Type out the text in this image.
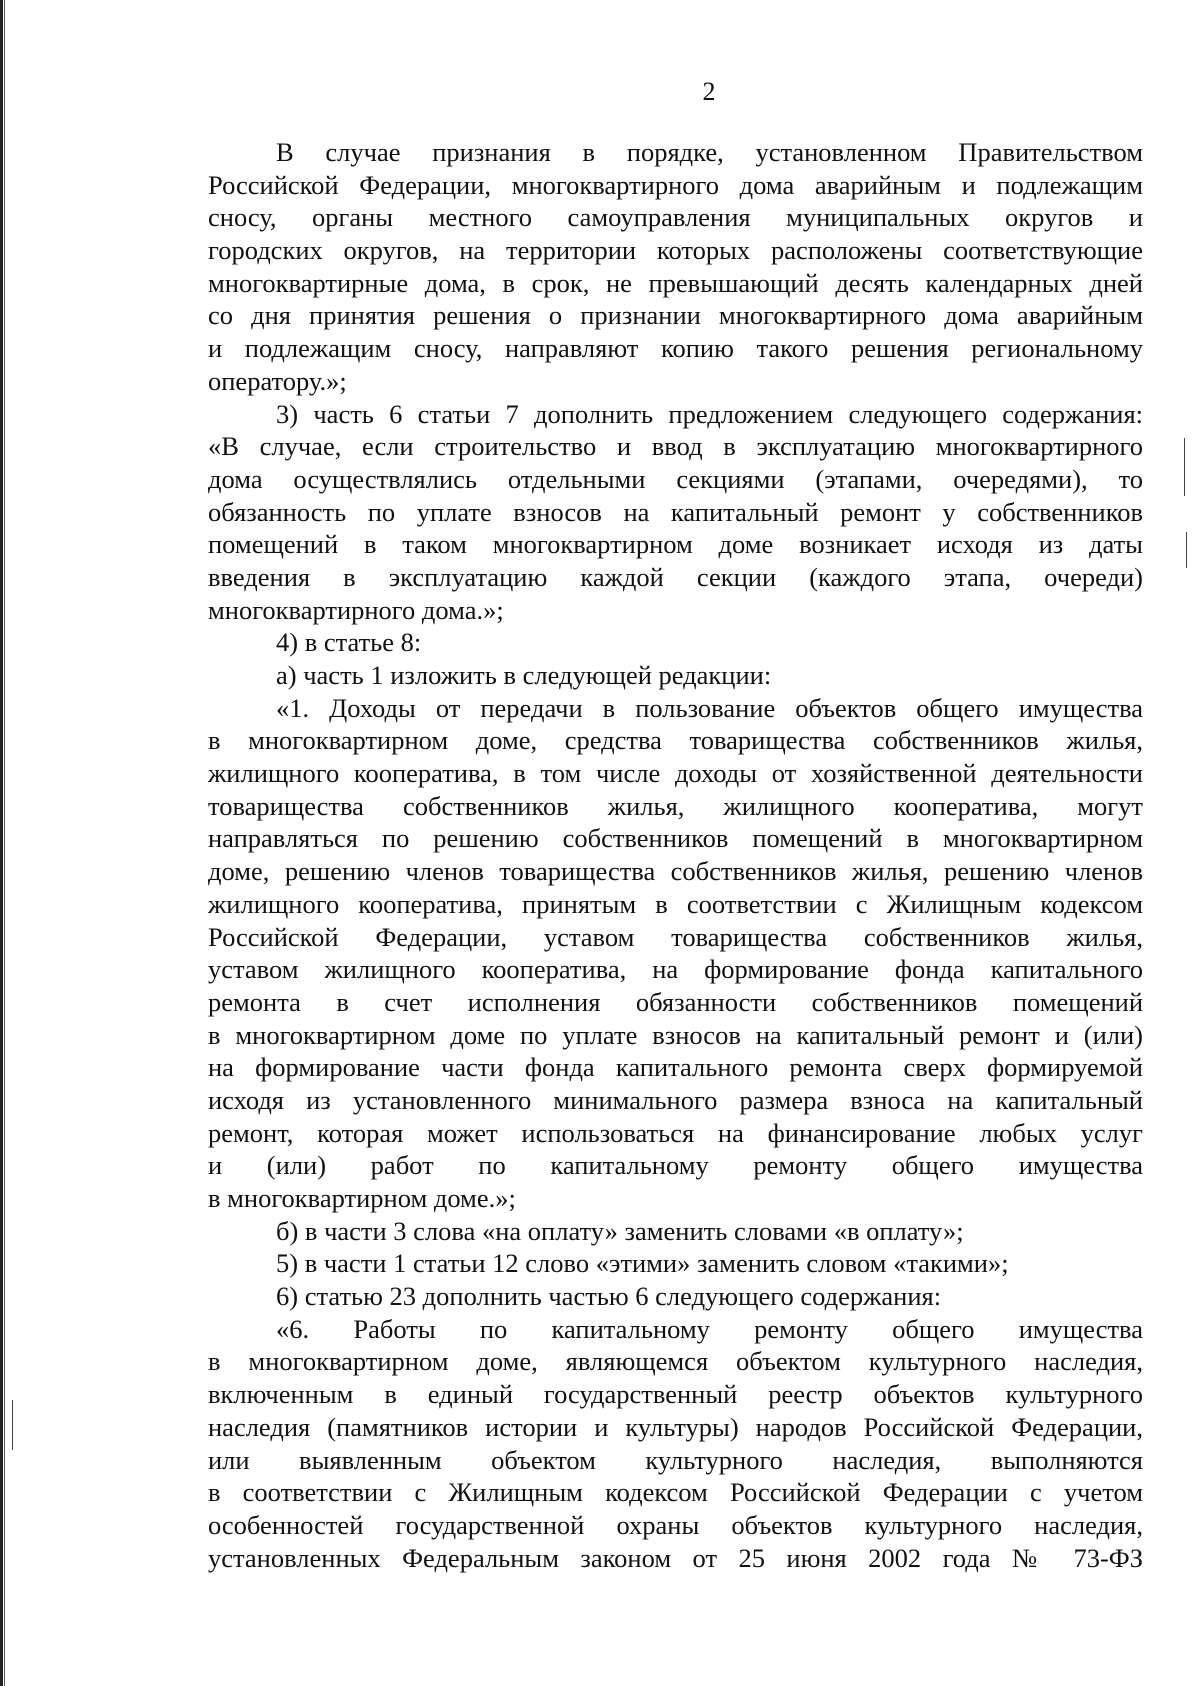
2
В случае признания в порядке, установленном Правительством
Российской Федерации, многоквартирного дома аварийным и подлежащим
сносу, органы местного самоуправления муниципальных округов и
городских округов, на территории которых расположены соответствующие
многоквартирные дома, в срок, не превышающий десять календарных дней
со дня принятия решения о признании многоквартирного дома аварийным
и подлежащим сносу, направляют копию такого решения региональному
оператору.»;
3) часть 6 статьи 7 дополнить предложением следующего содержания:
«В случае, если строительство и ввод в эксплуатацию многоквартирного
дома осуществлялись отдельными секциями (этапами, очередями), то
обязанность по уплате взносов на капитальный ремонт у собственников
помещений в таком многоквартирном доме возникает исходя из даты
введения в эксплуатацию каждой секции (каждого этапа, очереди)
многоквартирного дома.»;
4) в статье 8:
а) часть 1 изложить в следующей редакции:
«1. Доходы от передачи в пользование объектов общего имущества
в многоквартирном доме, средства товарищества собственников жилья,
жилищного кооператива, в том числе доходы от хозяйственной деятельности
товарищества собственников жилья, жилищного кооператива, могут
направляться по решению собственников помещений в многоквартирном
доме, решению членов товарищества собственников жилья, решению членов
жилищного кооператива, принятым в соответствии с Жилищным кодексом
Российской Федерации, уставом товарищества собственников жилья,
уставом жилищного кооператива, на формирование фонда капитального
ремонта в счет исполнения обязанности собственников помещений
в многоквартирном доме по уплате взносов на капитальный ремонт и (или)
на формирование части фонда капитального ремонта сверх формируемой
исходя из установленного минимального размера взноса на капитальный
ремонт, которая может использоваться на финансирование любых услуг
и (или) работ по капитальному ремонту общего имущества
в многоквартирном доме.»;
б) в части 3 слова «на оплату» заменить словами «в оплату»;
5) в части 1 статьи 12 слово «этими» заменить словом «такими»;
6) статью 23 дополнить частью 6 следующего содержания:
«6. Работы по капитальному ремонту общего имущества
в многоквартирном доме, являющемся объектом культурного наследия,
включенным в единый государственный реестр объектов культурного
наследия (памятников истории и культуры) народов Российской Федерации,
или выявленным объектом культурного наследия, выполняются
в соответствии с Жилищным кодексом Российской Федерации с учетом
особенностей государственной охраны объектов культурного наследия,
установленных Федеральным законом от 25 июня 2002 года № 73-ФЗ
